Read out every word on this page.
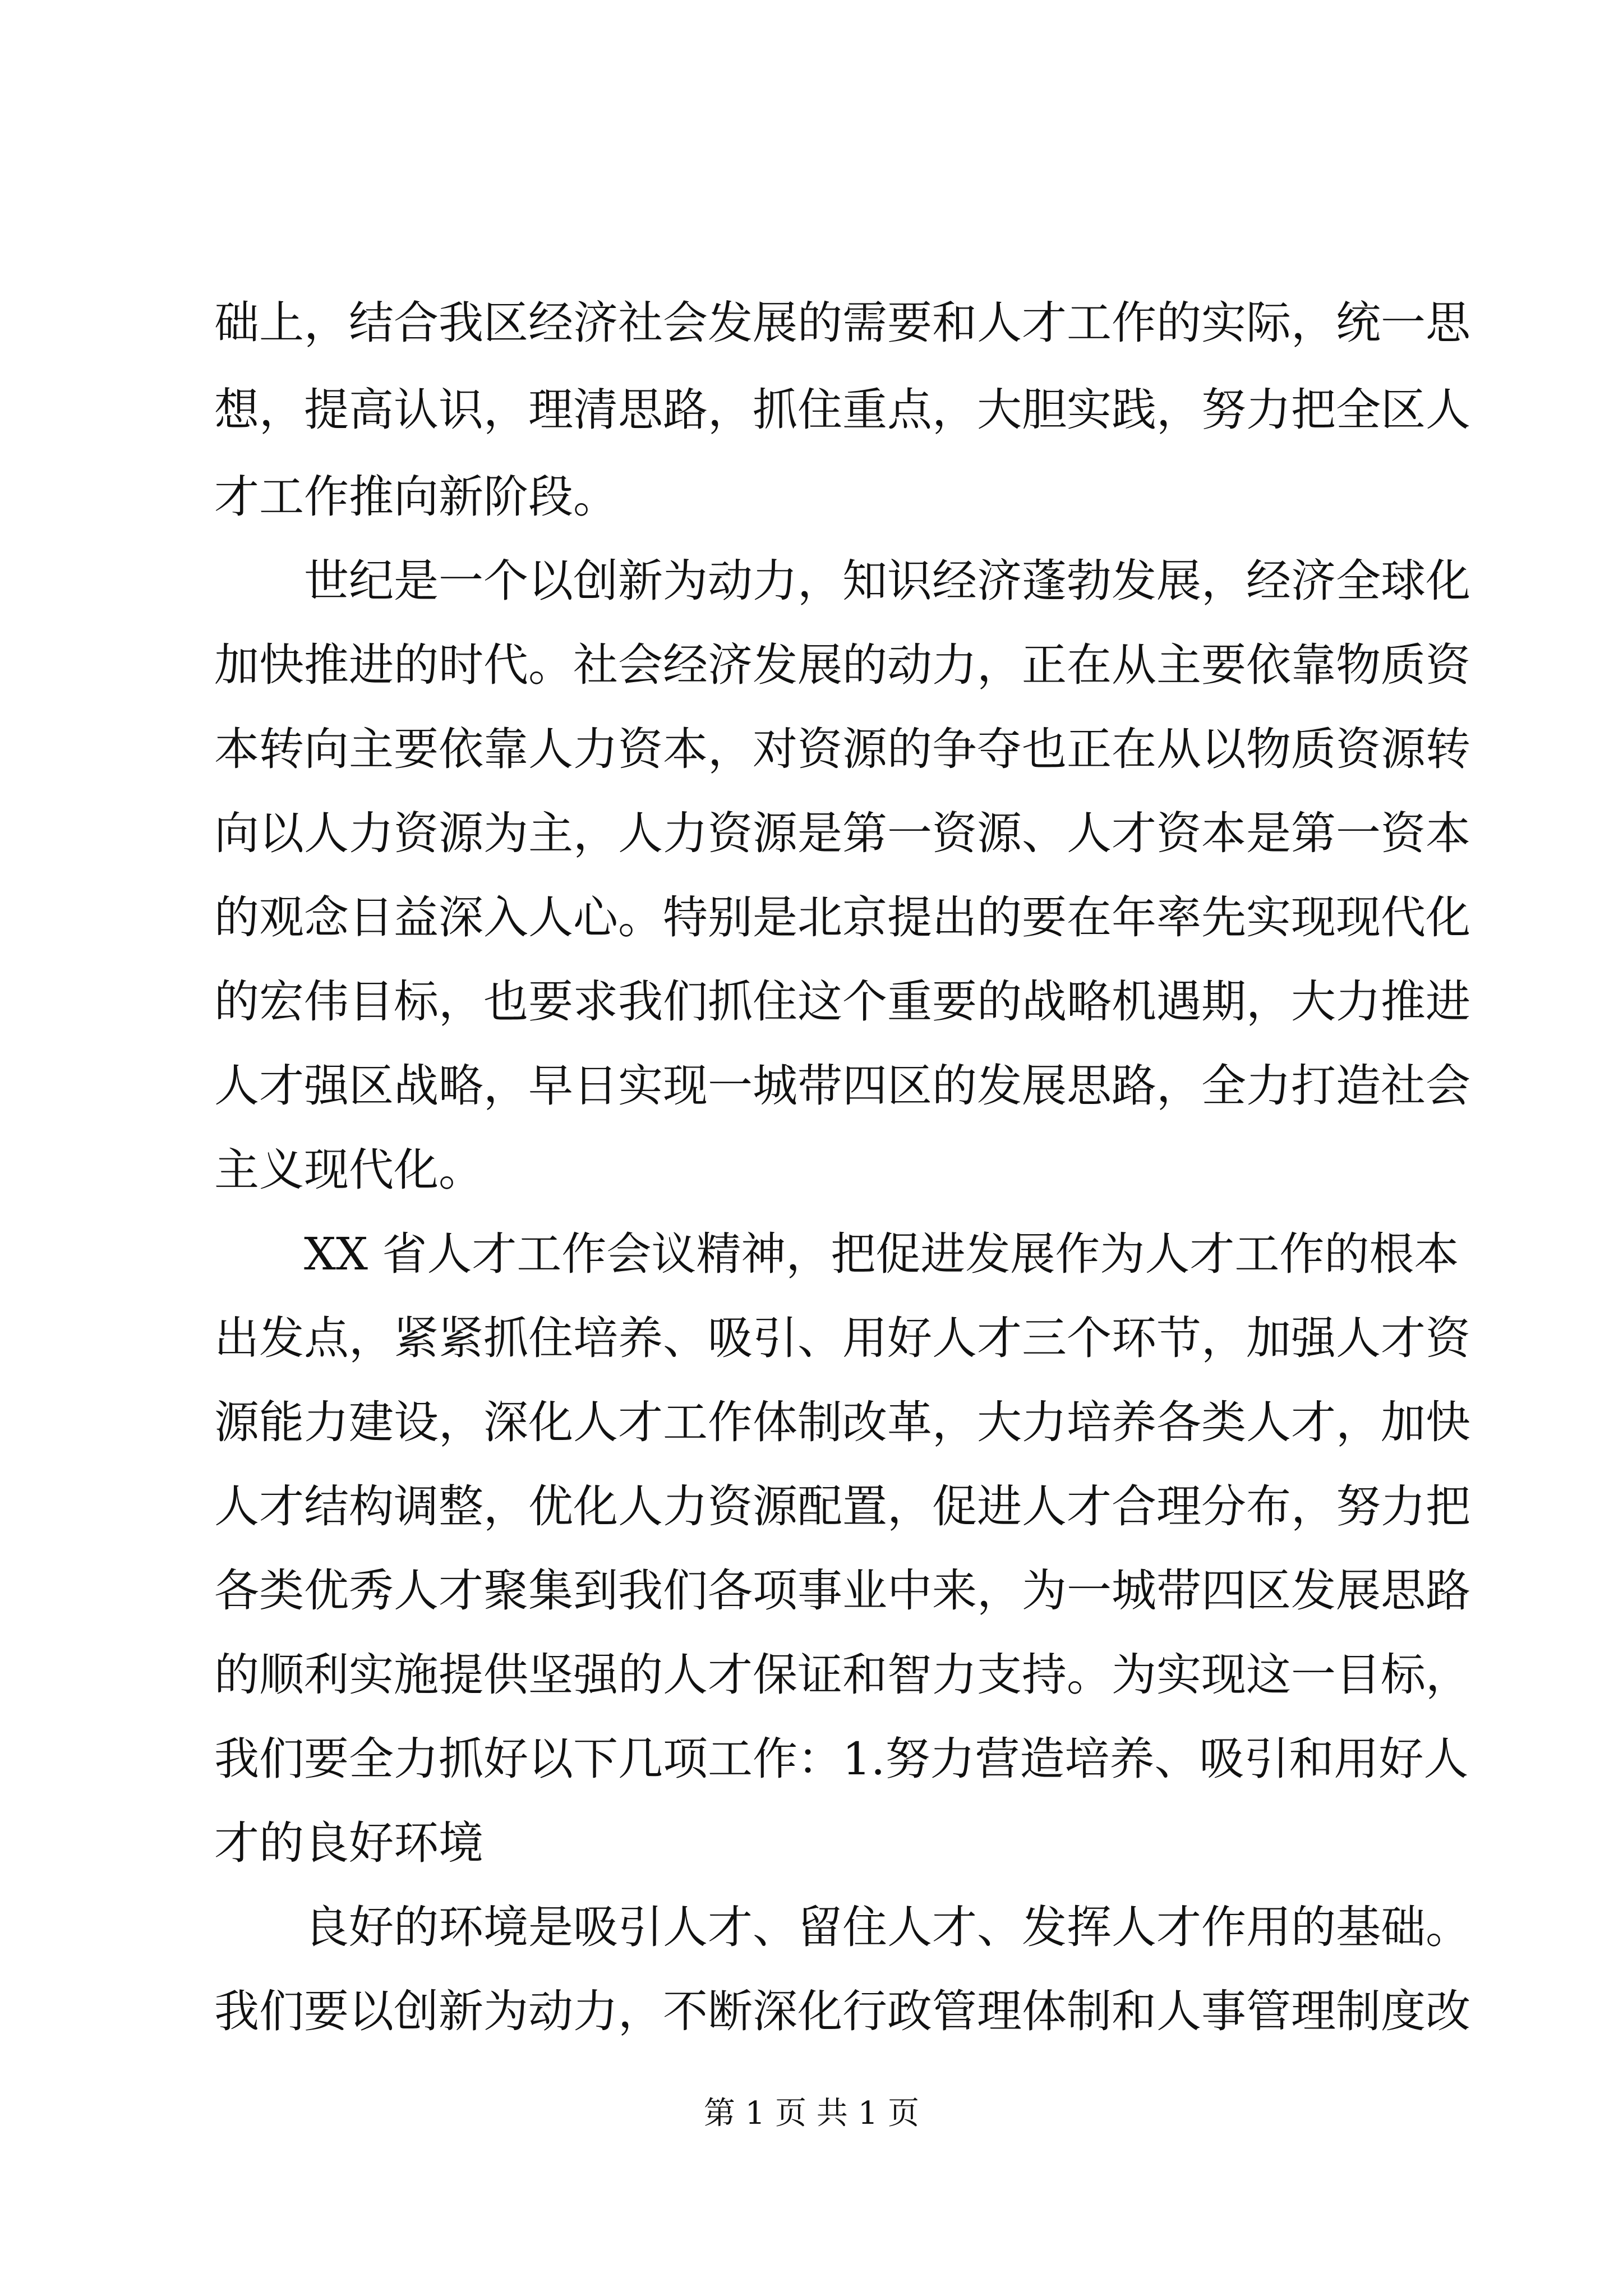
础上，结合我区经济社会发展的需要和人才工作的实际，统一思
想，提高认识，理清思路，抓住重点，大胆实践，努力把全区人
才工作推向新阶段。
　　世纪是一个以创新为动力，知识经济蓬勃发展，经济全球化
加快推进的时代。社会经济发展的动力，正在从主要依靠物质资
本转向主要依靠人力资本，对资源的争夺也正在从以物质资源转
向以人力资源为主，人力资源是第一资源、人才资本是第一资本
的观念日益深入人心。特别是北京提出的要在年率先实现现代化
的宏伟目标，也要求我们抓住这个重要的战略机遇期，大力推进
人才强区战略，早日实现一城带四区的发展思路，全力打造社会
主义现代化。
　　XX 省人才工作会议精神，把促进发展作为人才工作的根本
出发点，紧紧抓住培养、吸引、用好人才三个环节，加强人才资
源能力建设，深化人才工作体制改革，大力培养各类人才，加快
人才结构调整，优化人力资源配置，促进人才合理分布，努力把
各类优秀人才聚集到我们各项事业中来，为一城带四区发展思路
的顺利实施提供坚强的人才保证和智力支持。为实现这一目标，
我们要全力抓好以下几项工作：1.努力营造培养、吸引和用好人
才的良好环境
　　良好的环境是吸引人才、留住人才、发挥人才作用的基础。
我们要以创新为动力，不断深化行政管理体制和人事管理制度改
第 1 页 共 1 页
